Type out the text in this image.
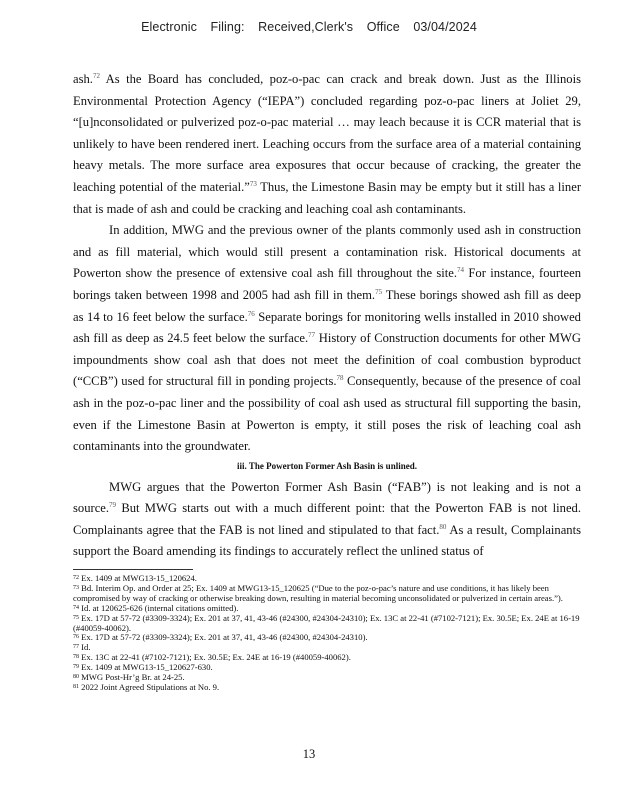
Electronic Filing: Received,Clerk's Office 03/04/2024

ash.$^{72}$ As the Board has concluded, poz-o-pac can crack and break down. Just as the Illinois Environmental Protection Agency (“IEPA”) concluded regarding poz-o-pac liners at Joliet 29, “[u]nconsolidated or pulverized poz-o-pac material … may leach because it is CCR material that is unlikely to have been rendered inert. Leaching occurs from the surface area of a material containing heavy metals. The more surface area exposures that occur because of cracking, the greater the leaching potential of the material.”$^{73}$ Thus, the Limestone Basin may be empty but it still has a liner that is made of ash and could be cracking and leaching coal ash contaminants.

In addition, MWG and the previous owner of the plants commonly used ash in construction and as fill material, which would still present a contamination risk. Historical documents at Powerton show the presence of extensive coal ash fill throughout the site.$^{74}$ For instance, fourteen borings taken between 1998 and 2005 had ash fill in them.$^{75}$ These borings showed ash fill as deep as 14 to 16 feet below the surface.$^{76}$ Separate borings for monitoring wells installed in 2010 showed ash fill as deep as 24.5 feet below the surface.$^{77}$ History of Construction documents for other MWG impoundments show coal ash that does not meet the definition of coal combustion byproduct (“CCB”) used for structural fill in ponding projects.$^{78}$ Consequently, because of the presence of coal ash in the poz-o-pac liner and the possibility of coal ash used as structural fill supporting the basin, even if the Limestone Basin at Powerton is empty, it still poses the risk of leaching coal ash contaminants into the groundwater.

iii. The Powerton Former Ash Basin is unlined.

MWG argues that the Powerton Former Ash Basin (“FAB”) is not leaking and is not a source.$^{79}$ But MWG starts out with a much different point: that the Powerton FAB is not lined. Complainants agree that the FAB is not lined and stipulated to that fact.$^{80}$ As a result, Complainants support the Board amending its findings to accurately reflect the unlined status of

$^{72}$ Ex. 1409 at MWG13-15_120624.

$^{73}$ Bd. Interim Op. and Order at 25; Ex. 1409 at MWG13-15_120625 (“Due to the poz-o-pac’s nature and use conditions, it has likely been compromised by way of cracking or otherwise breaking down, resulting in material becoming unconsolidated or pulverized in certain areas.”).

$^{74}$ Id. at 120625-626 (internal citations omitted).

$^{75}$ Ex. 17D at 57-72 (#3309-3324); Ex. 201 at 37, 41, 43-46 (#24300, #24304-24310); Ex. 13C at 22-41 (#7102-7121); Ex. 30.5E; Ex. 24E at 16-19 (#40059-40062).

$^{76}$ Ex. 17D at 57-72 (#3309-3324); Ex. 201 at 37, 41, 43-46 (#24300, #24304-24310).

$^{77}$ Id.

$^{78}$ Ex. 13C at 22-41 (#7102-7121); Ex. 30.5E; Ex. 24E at 16-19 (#40059-40062).

$^{79}$ Ex. 1409 at MWG13-15_120627-630.

$^{80}$ MWG Post-Hr’g Br. at 24-25.

$^{81}$ 2022 Joint Agreed Stipulations at No. 9.

13
